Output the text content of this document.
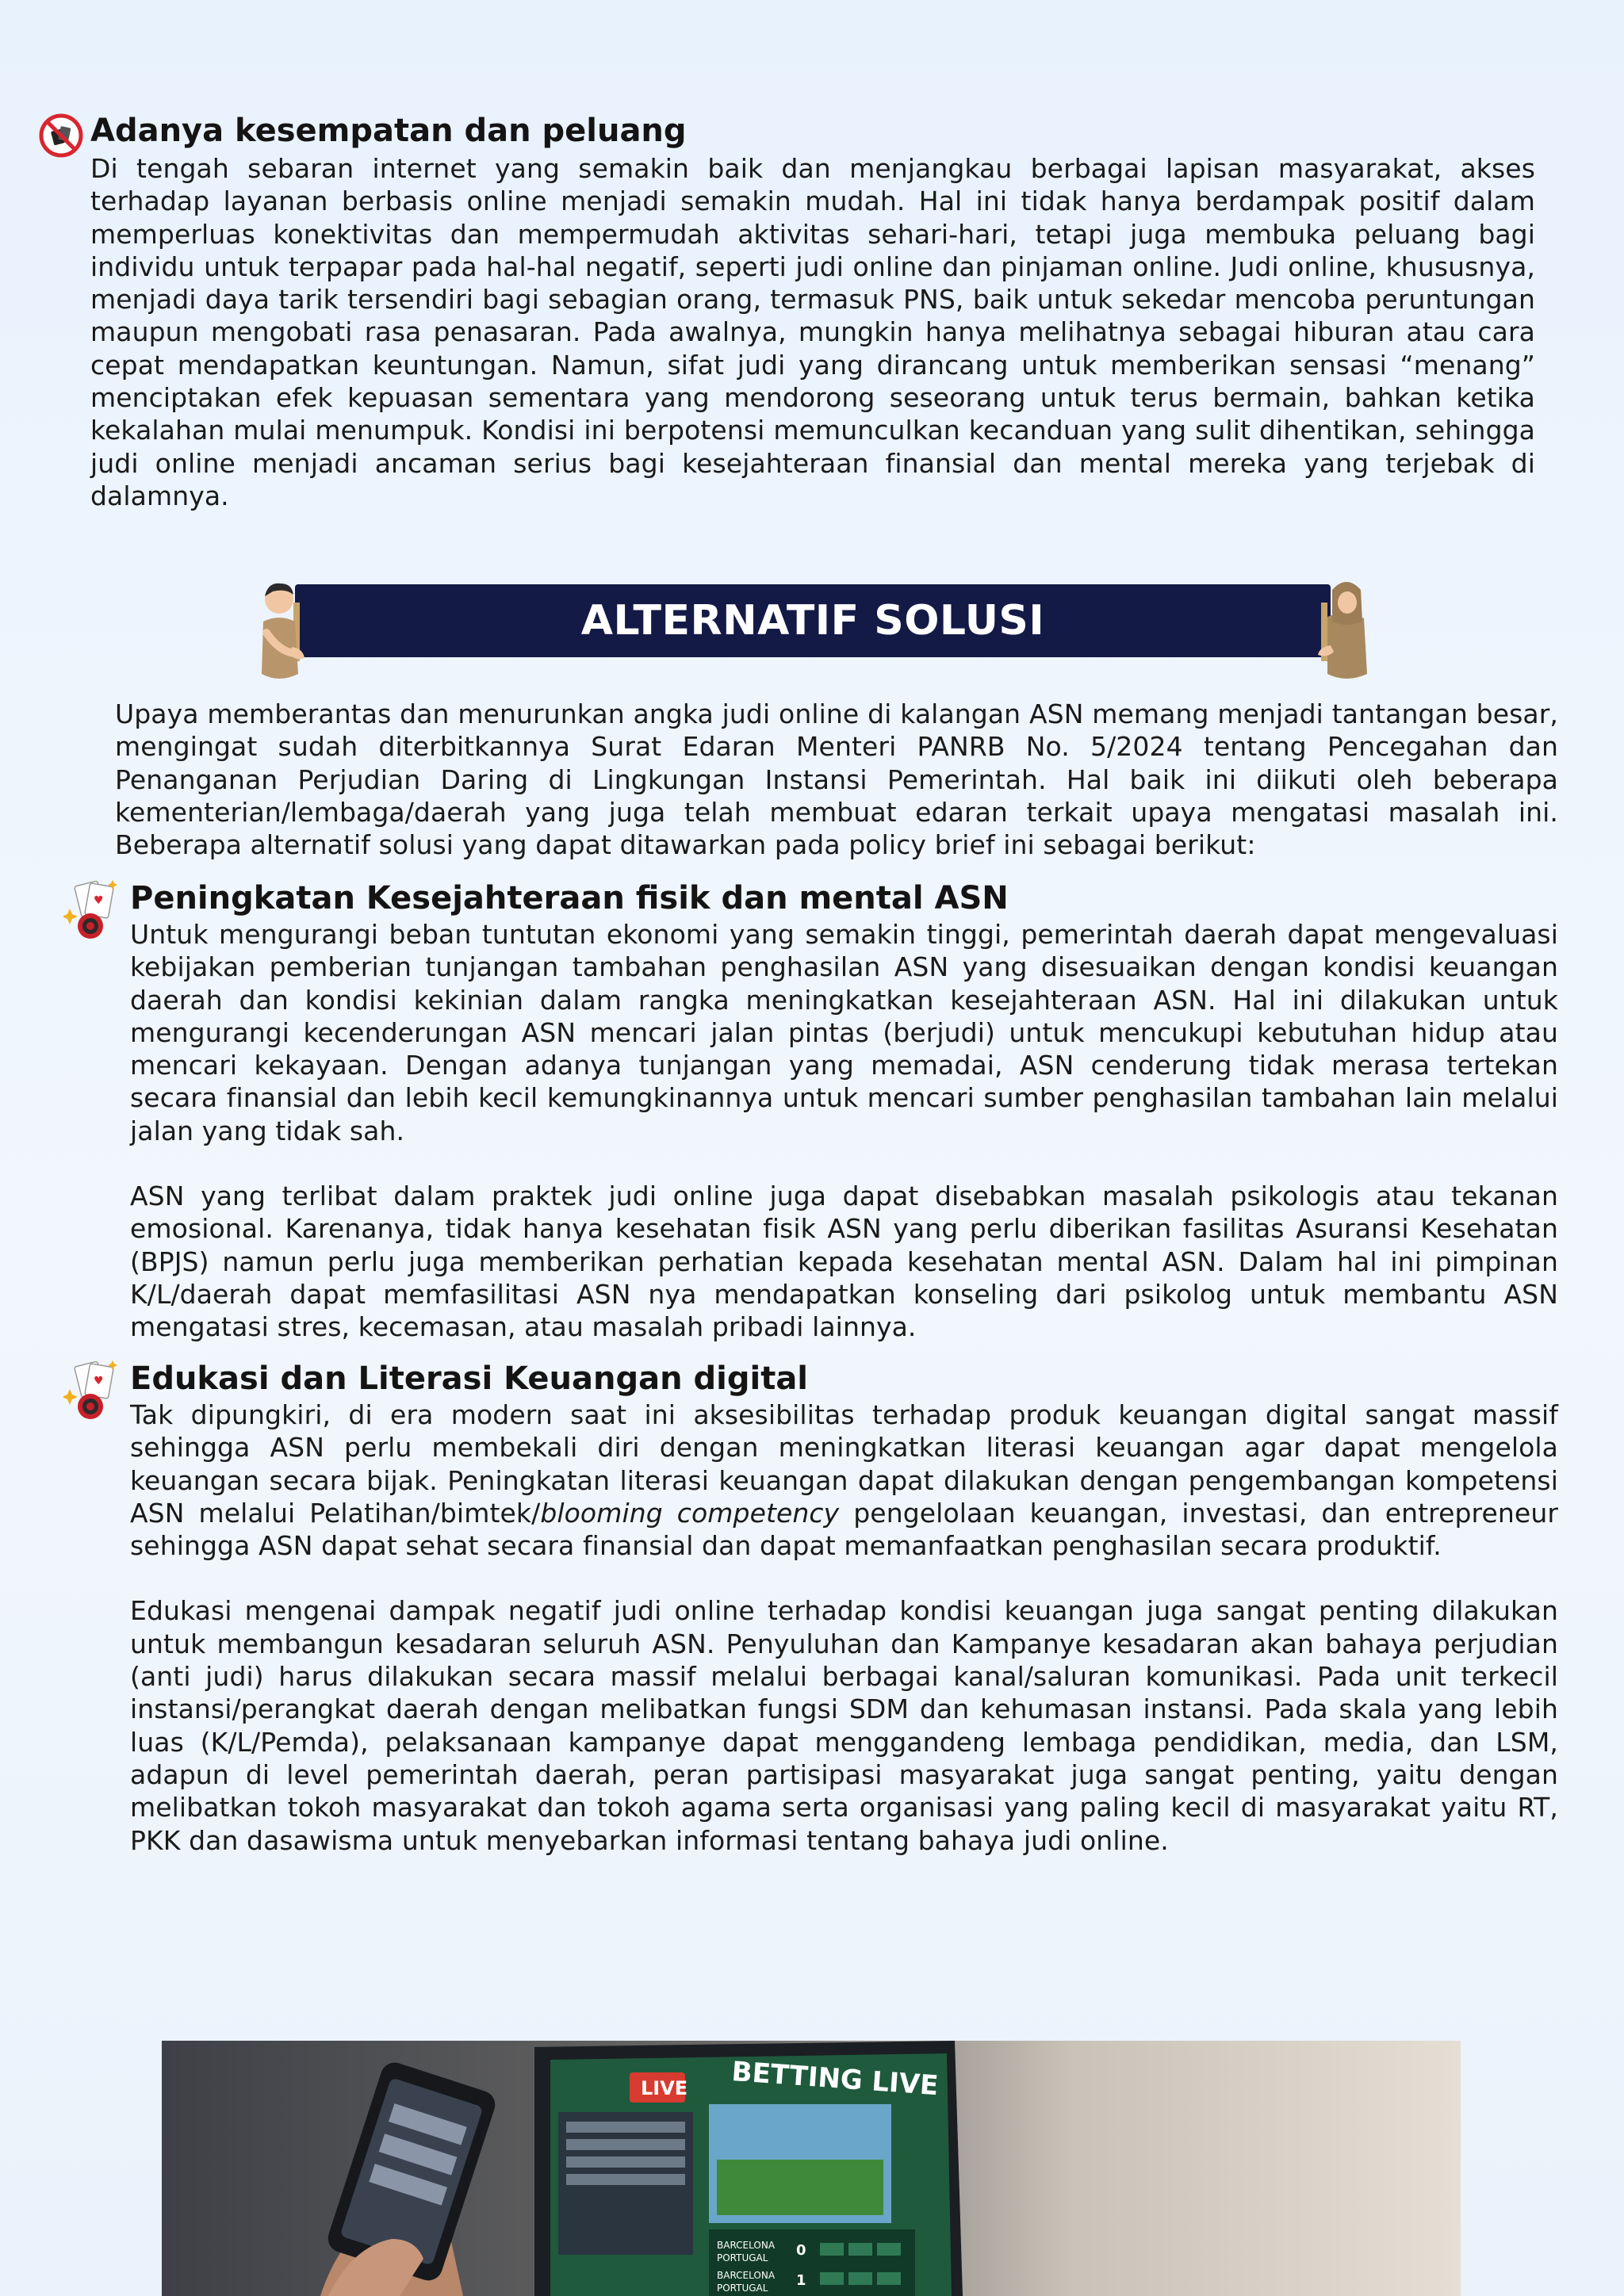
Adanya kesempatan dan peluang

Di tengah sebaran internet yang semakin baik dan menjangkau berbagai lapisan masyarakat, akses terhadap layanan berbasis online menjadi semakin mudah. Hal ini tidak hanya berdampak positif dalam memperluas konektivitas dan mempermudah aktivitas sehari-hari, tetapi juga membuka peluang bagi individu untuk terpapar pada hal-hal negatif, seperti judi online dan pinjaman online. Judi online, khususnya, menjadi daya tarik tersendiri bagi sebagian orang, termasuk PNS, baik untuk sekedar mencoba peruntungan maupun mengobati rasa penasaran. Pada awalnya, mungkin hanya melihatnya sebagai hiburan atau cara cepat mendapatkan keuntungan. Namun, sifat judi yang dirancang untuk memberikan sensasi “menang” menciptakan efek kepuasan sementara yang mendorong seseorang untuk terus bermain, bahkan ketika kekalahan mulai menumpuk. Kondisi ini berpotensi memunculkan kecanduan yang sulit dihentikan, sehingga judi online menjadi ancaman serius bagi kesejahteraan finansial dan mental mereka yang terjebak di dalamnya.

ALTERNATIF SOLUSI

Upaya memberantas dan menurunkan angka judi online di kalangan ASN memang menjadi tantangan besar, mengingat sudah diterbitkannya Surat Edaran Menteri PANRB No. 5/2024 tentang Pencegahan dan Penanganan Perjudian Daring di Lingkungan Instansi Pemerintah. Hal baik ini diikuti oleh beberapa kementerian/lembaga/daerah yang juga telah membuat edaran terkait upaya mengatasi masalah ini. Beberapa alternatif solusi yang dapat ditawarkan pada policy brief ini sebagai berikut:

♥ Peningkatan Kesejahteraan fisik dan mental ASN

Untuk mengurangi beban tuntutan ekonomi yang semakin tinggi, pemerintah daerah dapat mengevaluasi kebijakan pemberian tunjangan tambahan penghasilan ASN yang disesuaikan dengan kondisi keuangan daerah dan kondisi kekinian dalam rangka meningkatkan kesejahteraan ASN. Hal ini dilakukan untuk mengurangi kecenderungan ASN mencari jalan pintas (berjudi) untuk mencukupi kebutuhan hidup atau mencari kekayaan. Dengan adanya tunjangan yang memadai, ASN cenderung tidak merasa tertekan secara finansial dan lebih kecil kemungkinannya untuk mencari sumber penghasilan tambahan lain melalui jalan yang tidak sah.

ASN yang terlibat dalam praktek judi online juga dapat disebabkan masalah psikologis atau tekanan emosional. Karenanya, tidak hanya kesehatan fisik ASN yang perlu diberikan fasilitas Asuransi Kesehatan (BPJS) namun perlu juga memberikan perhatian kepada kesehatan mental ASN. Dalam hal ini pimpinan K/L/daerah dapat memfasilitasi ASN nya mendapatkan konseling dari psikolog untuk membantu ASN mengatasi stres, kecemasan, atau masalah pribadi lainnya.

♥ Edukasi dan Literasi Keuangan digital

Tak dipungkiri, di era modern saat ini aksesibilitas terhadap produk keuangan digital sangat massif sehingga ASN perlu membekali diri dengan meningkatkan literasi keuangan agar dapat mengelola keuangan secara bijak. Peningkatan literasi keuangan dapat dilakukan dengan pengembangan kompetensi ASN melalui Pelatihan/bimtek/blooming competency pengelolaan keuangan, investasi, dan entrepreneur sehingga ASN dapat sehat secara finansial dan dapat memanfaatkan penghasilan secara produktif.

Edukasi mengenai dampak negatif judi online terhadap kondisi keuangan juga sangat penting dilakukan untuk membangun kesadaran seluruh ASN. Penyuluhan dan Kampanye kesadaran akan bahaya perjudian (anti judi) harus dilakukan secara massif melalui berbagai kanal/saluran komunikasi. Pada unit terkecil instansi/perangkat daerah dengan melibatkan fungsi SDM dan kehumasan instansi. Pada skala yang lebih luas (K/L/Pemda), pelaksanaan kampanye dapat menggandeng lembaga pendidikan, media, dan LSM, adapun di level pemerintah daerah, peran partisipasi masyarakat juga sangat penting, yaitu dengan melibatkan tokoh masyarakat dan tokoh agama serta organisasi yang paling kecil di masyarakat yaitu RT, PKK dan dasawisma untuk menyebarkan informasi tentang bahaya judi online.

LIVE BETTING LIVE
BARCELONA
PORTUGAL
BARCELONA
PORTUGAL
0
1
